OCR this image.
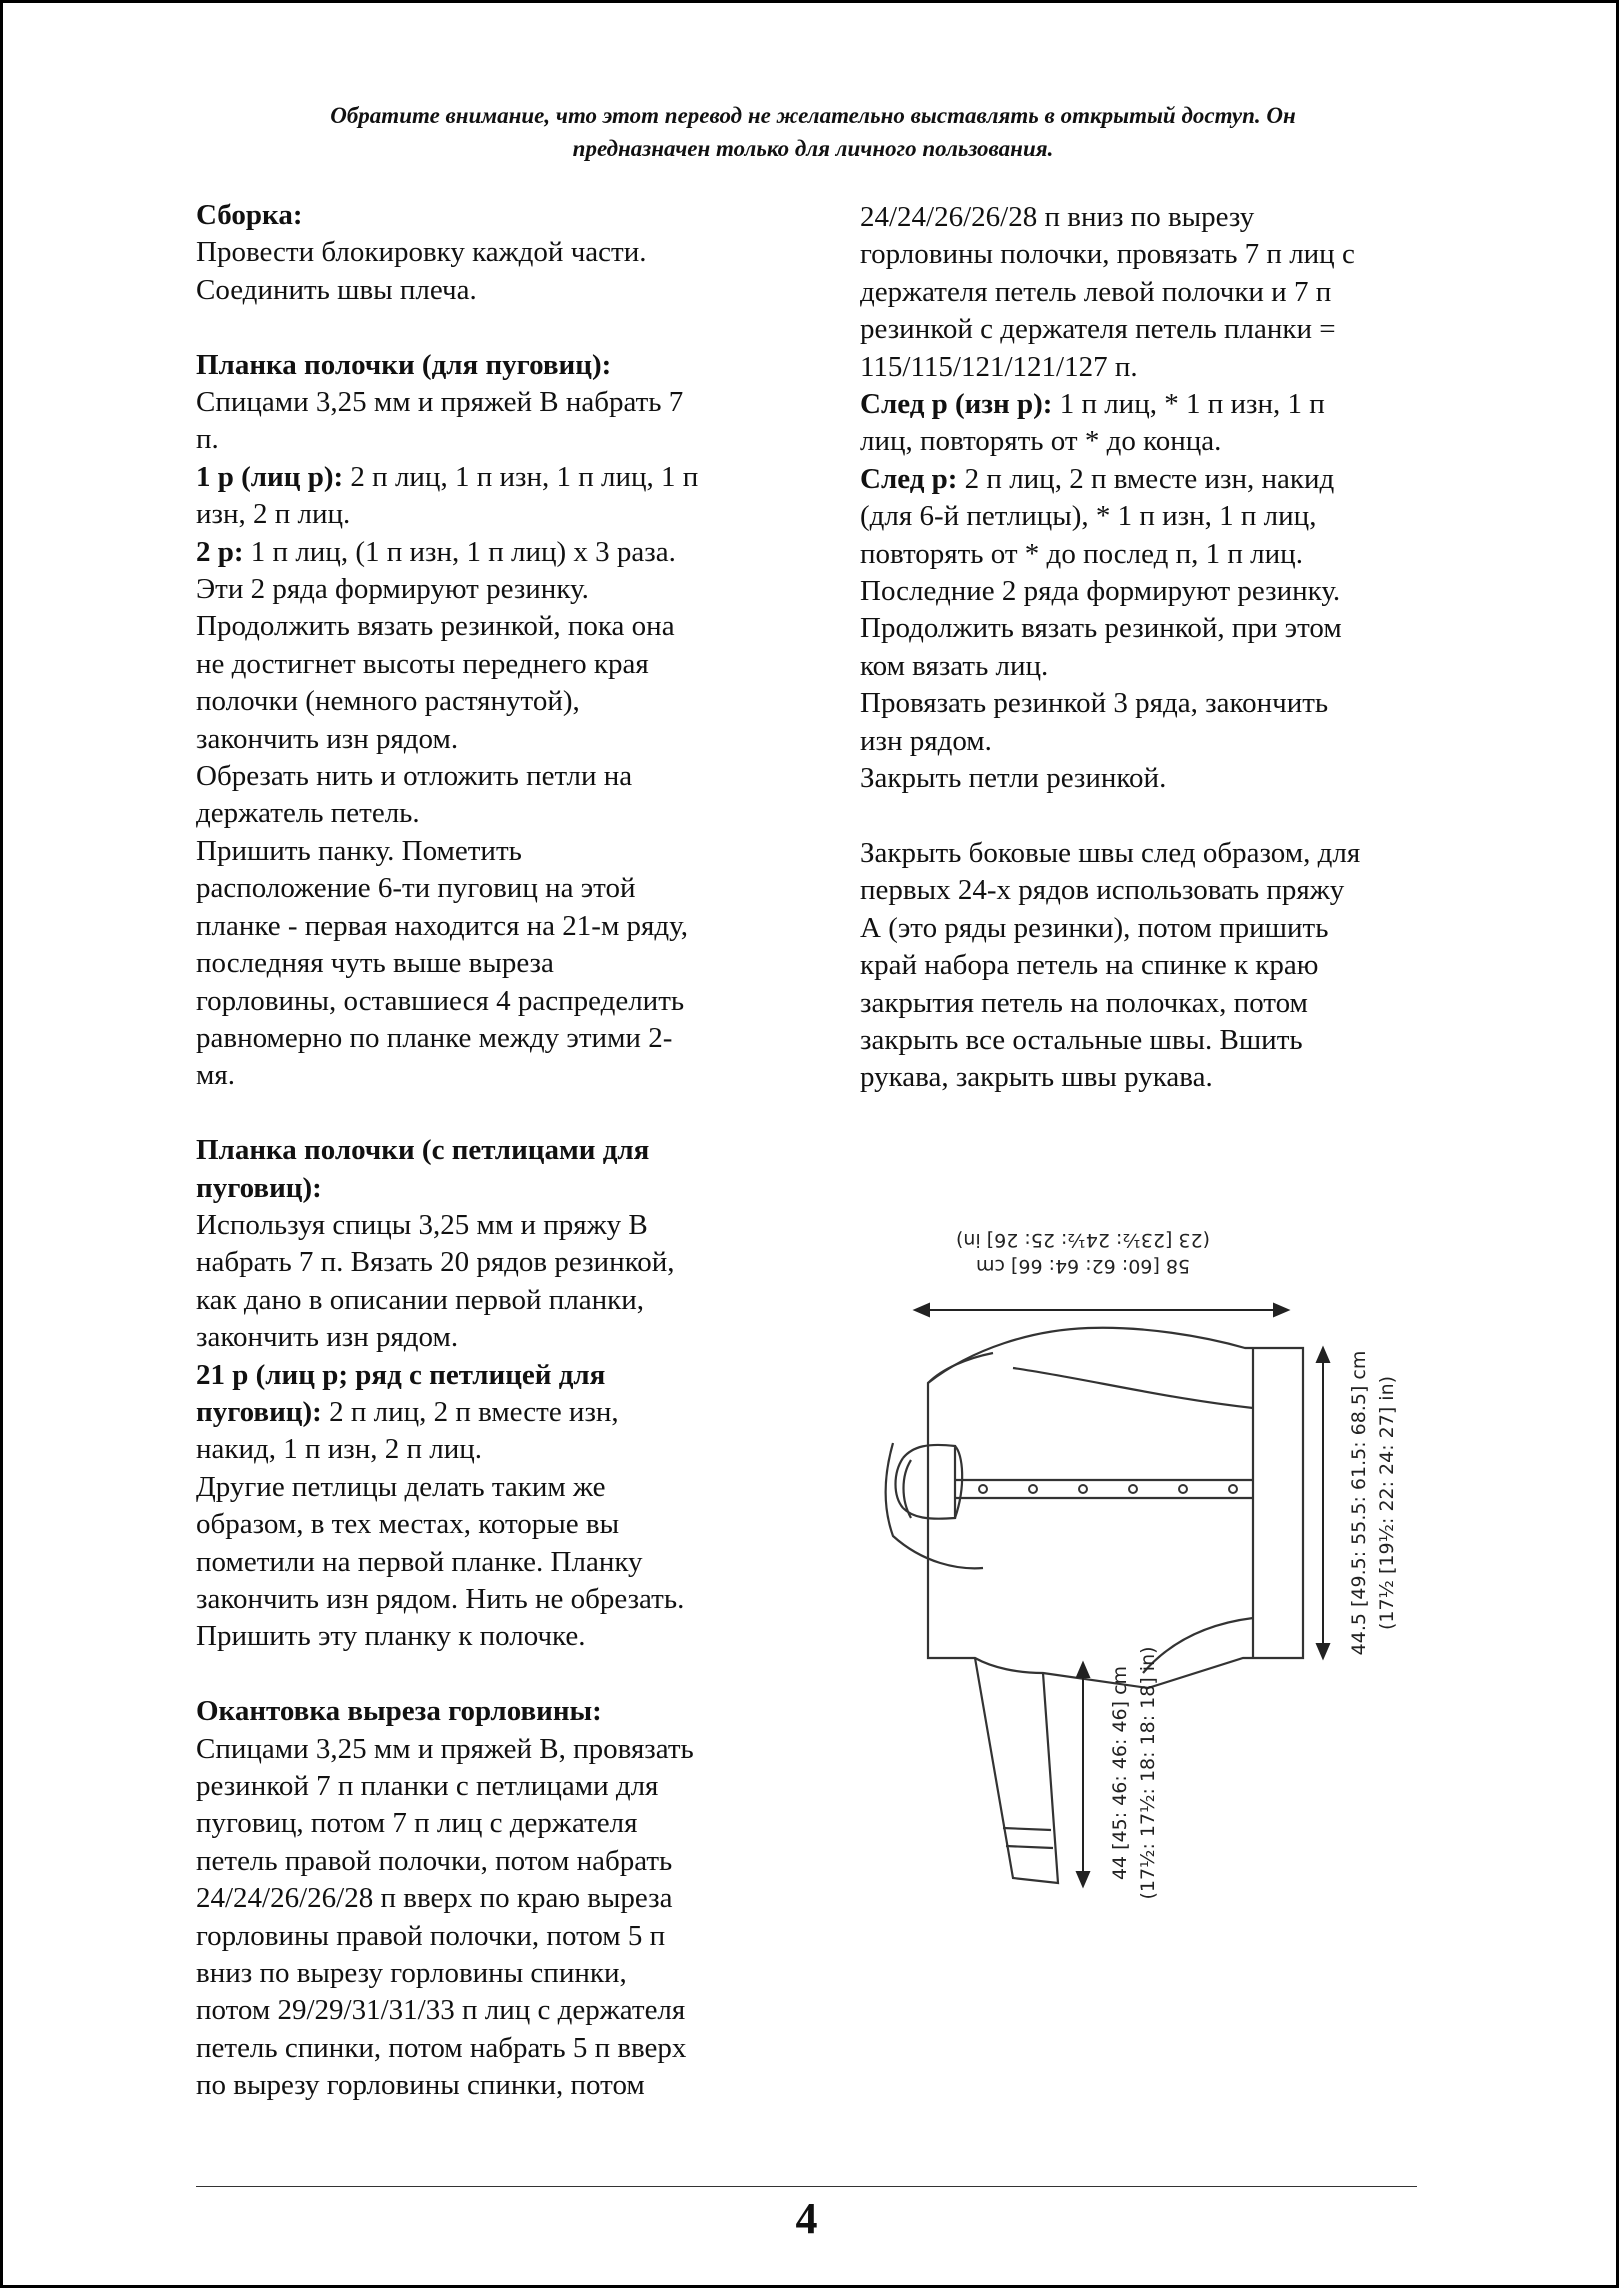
Обратите внимание, что этот перевод не желательно выставлять в открытый доступ. Он
предназначен только для личного пользования.

Сборка:

Провести блокировку каждой части.

Соединить швы плеча.

Планка полочки (для пуговиц):

Спицами 3,25 мм и пряжей В набрать 7

п.

1 р (лиц р): 2 п лиц, 1 п изн, 1 п лиц, 1 п

изн, 2 п лиц.

2 р: 1 п лиц, (1 п изн, 1 п лиц) х 3 раза.

Эти 2 ряда формируют резинку.

Продолжить вязать резинкой, пока она

не достигнет высоты переднего края

полочки (немного растянутой),

закончить изн рядом.

Обрезать нить и отложить петли на

держатель петель.

Пришить панку. Пометить

расположение 6-ти пуговиц на этой

планке - первая находится на 21-м ряду,

последняя чуть выше выреза

горловины, оставшиеся 4 распределить

равномерно по планке между этими 2-

мя.

Планка полочки (с петлицами для

пуговиц):

Используя спицы 3,25 мм и пряжу В

набрать 7 п. Вязать 20 рядов резинкой,

как дано в описании первой планки,

закончить изн рядом.

21 р (лиц р; ряд с петлицей для

пуговиц): 2 п лиц, 2 п вместе изн,

накид, 1 п изн, 2 п лиц.

Другие петлицы делать таким же

образом, в тех местах, которые вы

пометили на первой планке. Планку

закончить изн рядом. Нить не обрезать.

Пришить эту планку к полочке.

Окантовка выреза горловины:

Спицами 3,25 мм и пряжей В, провязать

резинкой 7 п планки с петлицами для

пуговиц, потом 7 п лиц с держателя

петель правой полочки, потом набрать

24/24/26/26/28 п вверх по краю выреза

горловины правой полочки, потом 5 п

вниз по вырезу горловины спинки,

потом 29/29/31/31/33 п лиц с держателя

петель спинки, потом набрать 5 п вверх

по вырезу горловины спинки, потом

24/24/26/26/28 п вниз по вырезу

горловины полочки, провязать 7 п лиц с

держателя петель левой полочки и 7 п

резинкой с держателя петель планки =

115/115/121/121/127 п.

След р (изн р): 1 п лиц, * 1 п изн, 1 п

лиц, повторять от * до конца.

След р: 2 п лиц, 2 п вместе изн, накид

(для 6-й петлицы), * 1 п изн, 1 п лиц,

повторять от * до послед п, 1 п лиц.

Последние 2 ряда формируют резинку.

Продолжить вязать резинкой, при этом

ком вязать лиц.

Провязать резинкой 3 ряда, закончить

изн рядом.

Закрыть петли резинкой.

Закрыть боковые швы след образом, для

первых 24-х рядов использовать пряжу

А (это ряды резинки), потом пришить

край набора петель на спинке к краю

закрытия петель на полочках, потом

закрыть все остальные швы. Вшить

рукава, закрыть швы рукава.

58 [60: 62: 64: 66] cm
(23 [23½: 24½: 25: 26] in)
44.5 [49.5: 55.5: 61.5: 68.5] cm (17½ [19½: 22: 24: 27] in)
44 [45: 46: 46: 46] cm (17½: 17½: 18: 18: 18] in)
4
